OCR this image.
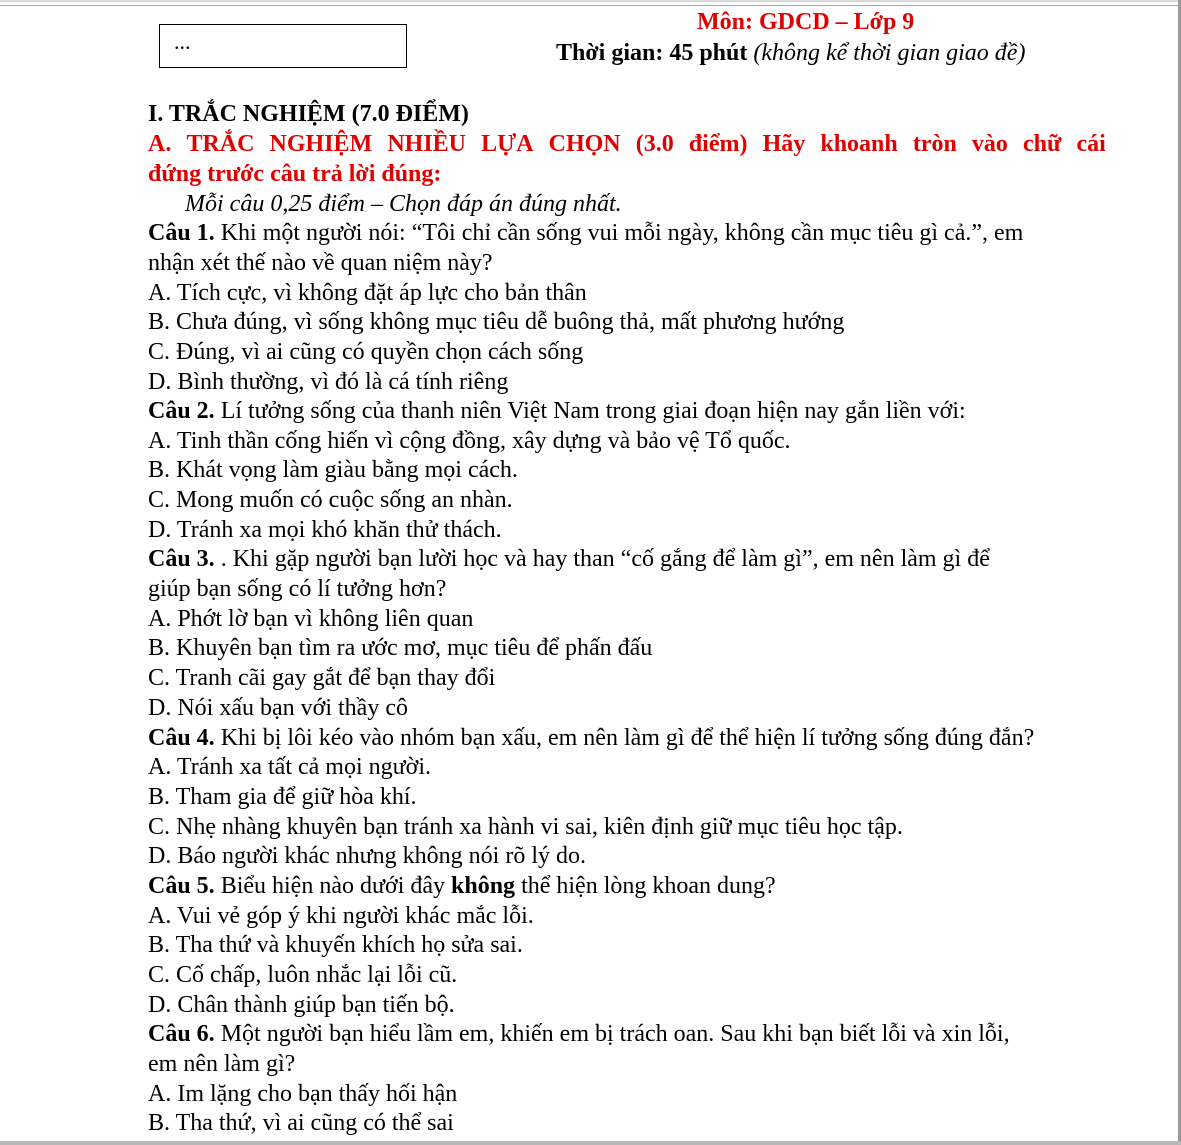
...
Môn: GDCD – Lớp 9
Thời gian: 45 phút (không kể thời gian giao đề)
I. TRẮC NGHIỆM (7.0 ĐIỂM)
A. TRẮC NGHIỆM NHIỀU LỰA CHỌN (3.0 điểm) Hãy khoanh tròn vào chữ cái
đứng trước câu trả lời đúng:
Mỗi câu 0,25 điểm – Chọn đáp án đúng nhất.
Câu 1. Khi một người nói: “Tôi chỉ cần sống vui mỗi ngày, không cần mục tiêu gì cả.”, em
nhận xét thế nào về quan niệm này?
A. Tích cực, vì không đặt áp lực cho bản thân
B. Chưa đúng, vì sống không mục tiêu dễ buông thả, mất phương hướng
C. Đúng, vì ai cũng có quyền chọn cách sống
D. Bình thường, vì đó là cá tính riêng
Câu 2. Lí tưởng sống của thanh niên Việt Nam trong giai đoạn hiện nay gắn liền với:
A. Tinh thần cống hiến vì cộng đồng, xây dựng và bảo vệ Tổ quốc.
B. Khát vọng làm giàu bằng mọi cách.
C. Mong muốn có cuộc sống an nhàn.
D. Tránh xa mọi khó khăn thử thách.
Câu 3. . Khi gặp người bạn lười học và hay than “cố gắng để làm gì”, em nên làm gì để
giúp bạn sống có lí tưởng hơn?
A. Phớt lờ bạn vì không liên quan
B. Khuyên bạn tìm ra ước mơ, mục tiêu để phấn đấu
C. Tranh cãi gay gắt để bạn thay đổi
D. Nói xấu bạn với thầy cô
Câu 4. Khi bị lôi kéo vào nhóm bạn xấu, em nên làm gì để thể hiện lí tưởng sống đúng đắn?
A. Tránh xa tất cả mọi người.
B. Tham gia để giữ hòa khí.
C. Nhẹ nhàng khuyên bạn tránh xa hành vi sai, kiên định giữ mục tiêu học tập.
D. Báo người khác nhưng không nói rõ lý do.
Câu 5. Biểu hiện nào dưới đây không thể hiện lòng khoan dung?
A. Vui vẻ góp ý khi người khác mắc lỗi.
B. Tha thứ và khuyến khích họ sửa sai.
C. Cố chấp, luôn nhắc lại lỗi cũ.
D. Chân thành giúp bạn tiến bộ.
Câu 6. Một người bạn hiểu lầm em, khiến em bị trách oan. Sau khi bạn biết lỗi và xin lỗi,
em nên làm gì?
A. Im lặng cho bạn thấy hối hận
B. Tha thứ, vì ai cũng có thể sai
